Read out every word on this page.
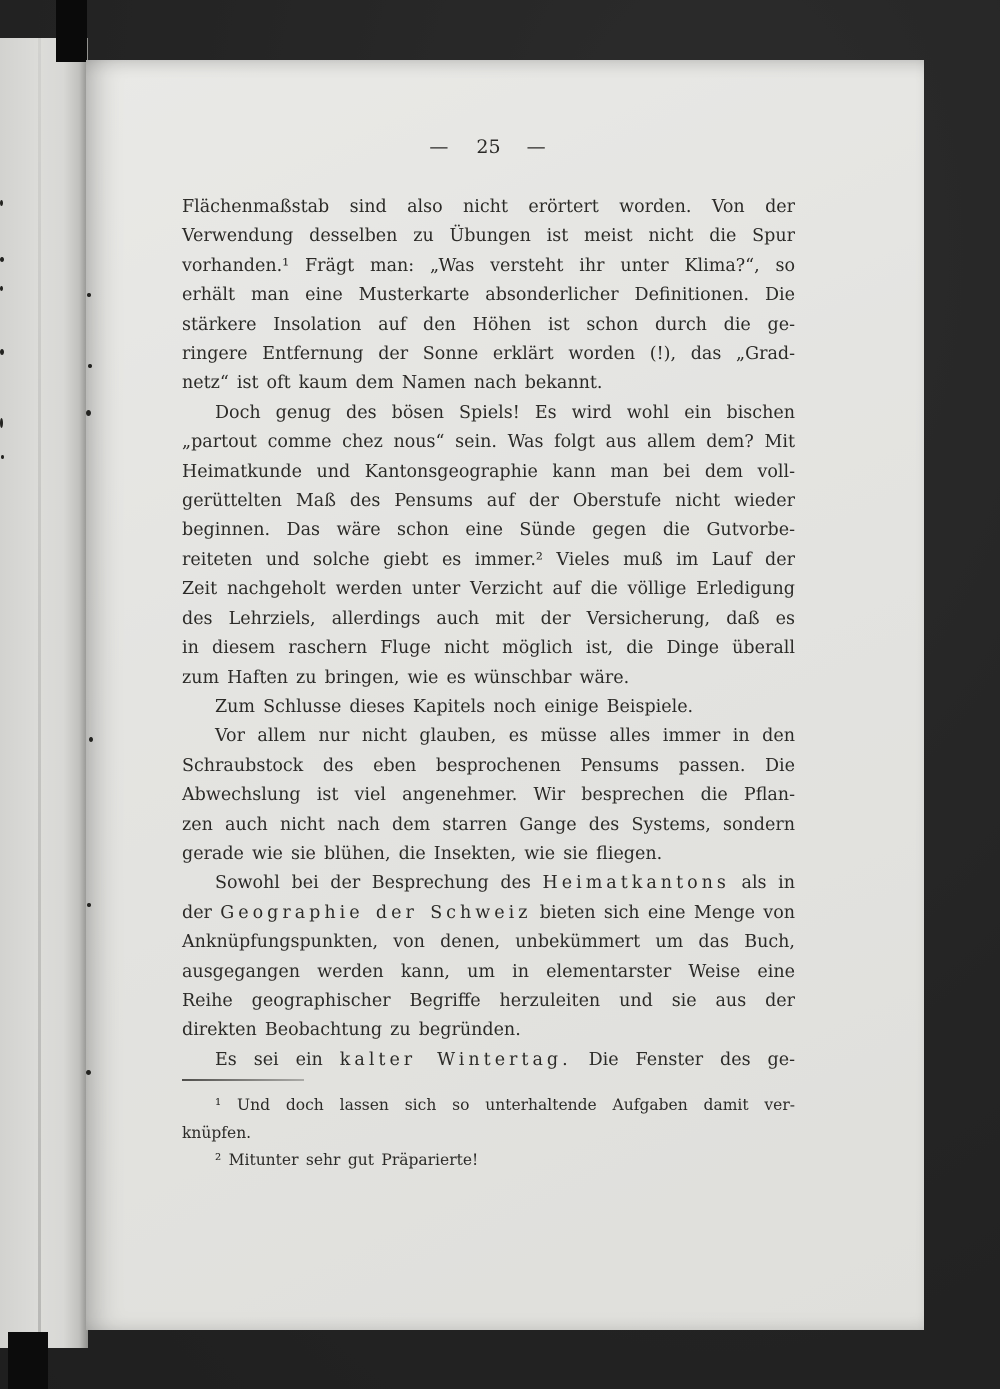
— 25 —
Flächenmaßstab sind also nicht erörtert worden. Von der
Verwendung desselben zu Übungen ist meist nicht die Spur
vorhanden.¹ Frägt man: „Was versteht ihr unter Klima?“, so
erhält man eine Musterkarte absonderlicher Definitionen. Die
stärkere Insolation auf den Höhen ist schon durch die ge-
ringere Entfernung der Sonne erklärt worden (!), das „Grad-
netz“ ist oft kaum dem Namen nach bekannt.
Doch genug des bösen Spiels! Es wird wohl ein bischen
„partout comme chez nous“ sein. Was folgt aus allem dem? Mit
Heimatkunde und Kantonsgeographie kann man bei dem voll-
gerüttelten Maß des Pensums auf der Oberstufe nicht wieder
beginnen. Das wäre schon eine Sünde gegen die Gutvorbe-
reiteten und solche giebt es immer.² Vieles muß im Lauf der
Zeit nachgeholt werden unter Verzicht auf die völlige Erledigung
des Lehrziels, allerdings auch mit der Versicherung, daß es
in diesem raschern Fluge nicht möglich ist, die Dinge überall
zum Haften zu bringen, wie es wünschbar wäre.
Zum Schlusse dieses Kapitels noch einige Beispiele.
Vor allem nur nicht glauben, es müsse alles immer in den
Schraubstock des eben besprochenen Pensums passen. Die
Abwechslung ist viel angenehmer. Wir besprechen die Pflan-
zen auch nicht nach dem starren Gange des Systems, sondern
gerade wie sie blühen, die Insekten, wie sie fliegen.
Sowohl bei der Besprechung des Heimatkantons als in
der Geographie der Schweiz bieten sich eine Menge von
Anknüpfungspunkten, von denen, unbekümmert um das Buch,
ausgegangen werden kann, um in elementarster Weise eine
Reihe geographischer Begriffe herzuleiten und sie aus der
direkten Beobachtung zu begründen.
Es sei ein kalter Wintertag. Die Fenster des ge-
¹ Und doch lassen sich so unterhaltende Aufgaben damit ver-
knüpfen.
² Mitunter sehr gut Präparierte!
